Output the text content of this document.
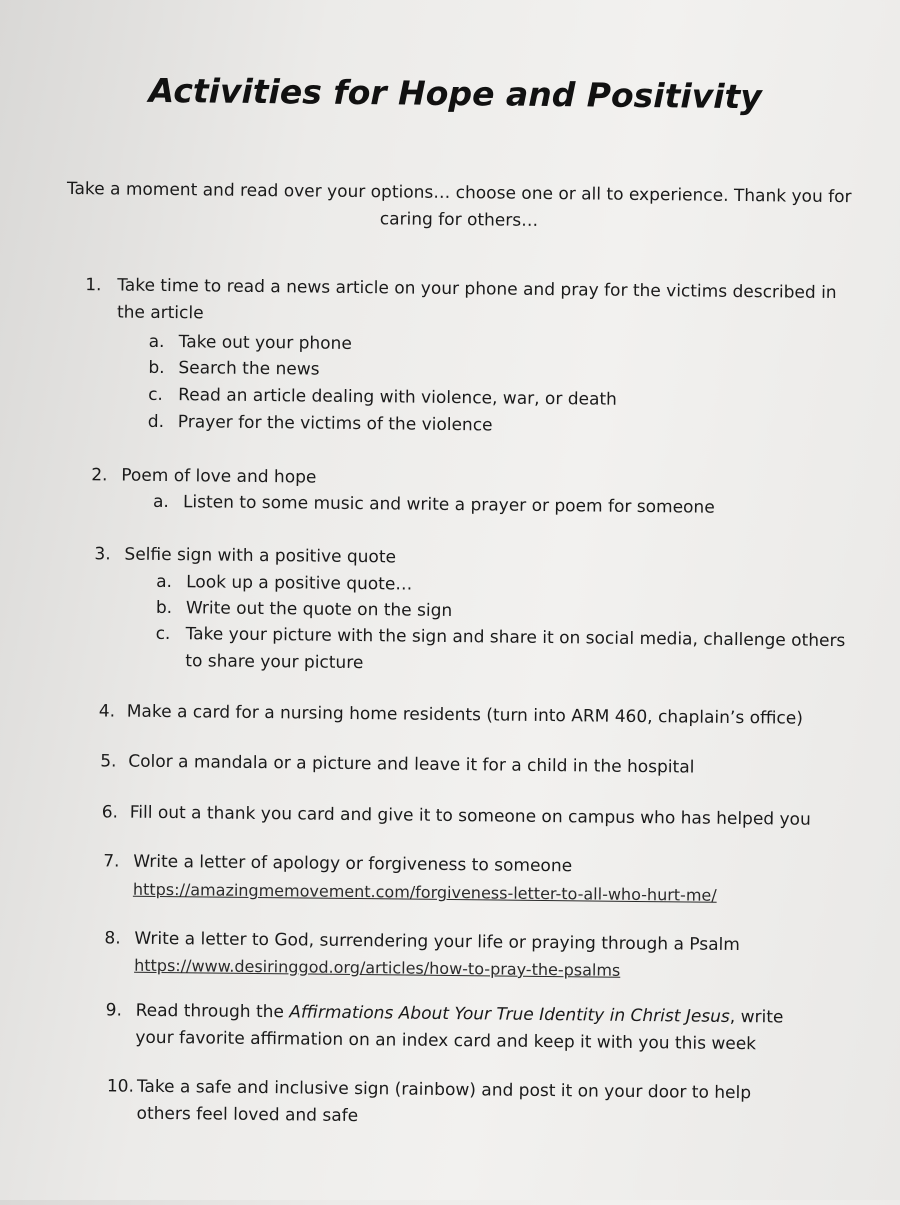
Activities for Hope and Positivity
Take a moment and read over your options… choose one or all to experience. Thank you for caring for others…
1. Take time to read a news article on your phone and pray for the victims described in the article
a. Take out your phone
b. Search the news
c. Read an article dealing with violence, war, or death
d. Prayer for the victims of the violence
2. Poem of love and hope
a. Listen to some music and write a prayer or poem for someone
3. Selfie sign with a positive quote
a. Look up a positive quote…
b. Write out the quote on the sign
c. Take your picture with the sign and share it on social media, challenge others to share your picture
4. Make a card for a nursing home residents (turn into ARM 460, chaplain’s office)
5. Color a mandala or a picture and leave it for a child in the hospital
6. Fill out a thank you card and give it to someone on campus who has helped you
7. Write a letter of apology or forgiveness to someone
https://amazingmemovement.com/forgiveness-letter-to-all-who-hurt-me/
8. Write a letter to God, surrendering your life or praying through a Psalm
https://www.desiringgod.org/articles/how-to-pray-the-psalms
9. Read through the Affirmations About Your True Identity in Christ Jesus, write your favorite affirmation on an index card and keep it with you this week
10. Take a safe and inclusive sign (rainbow) and post it on your door to help others feel loved and safe
